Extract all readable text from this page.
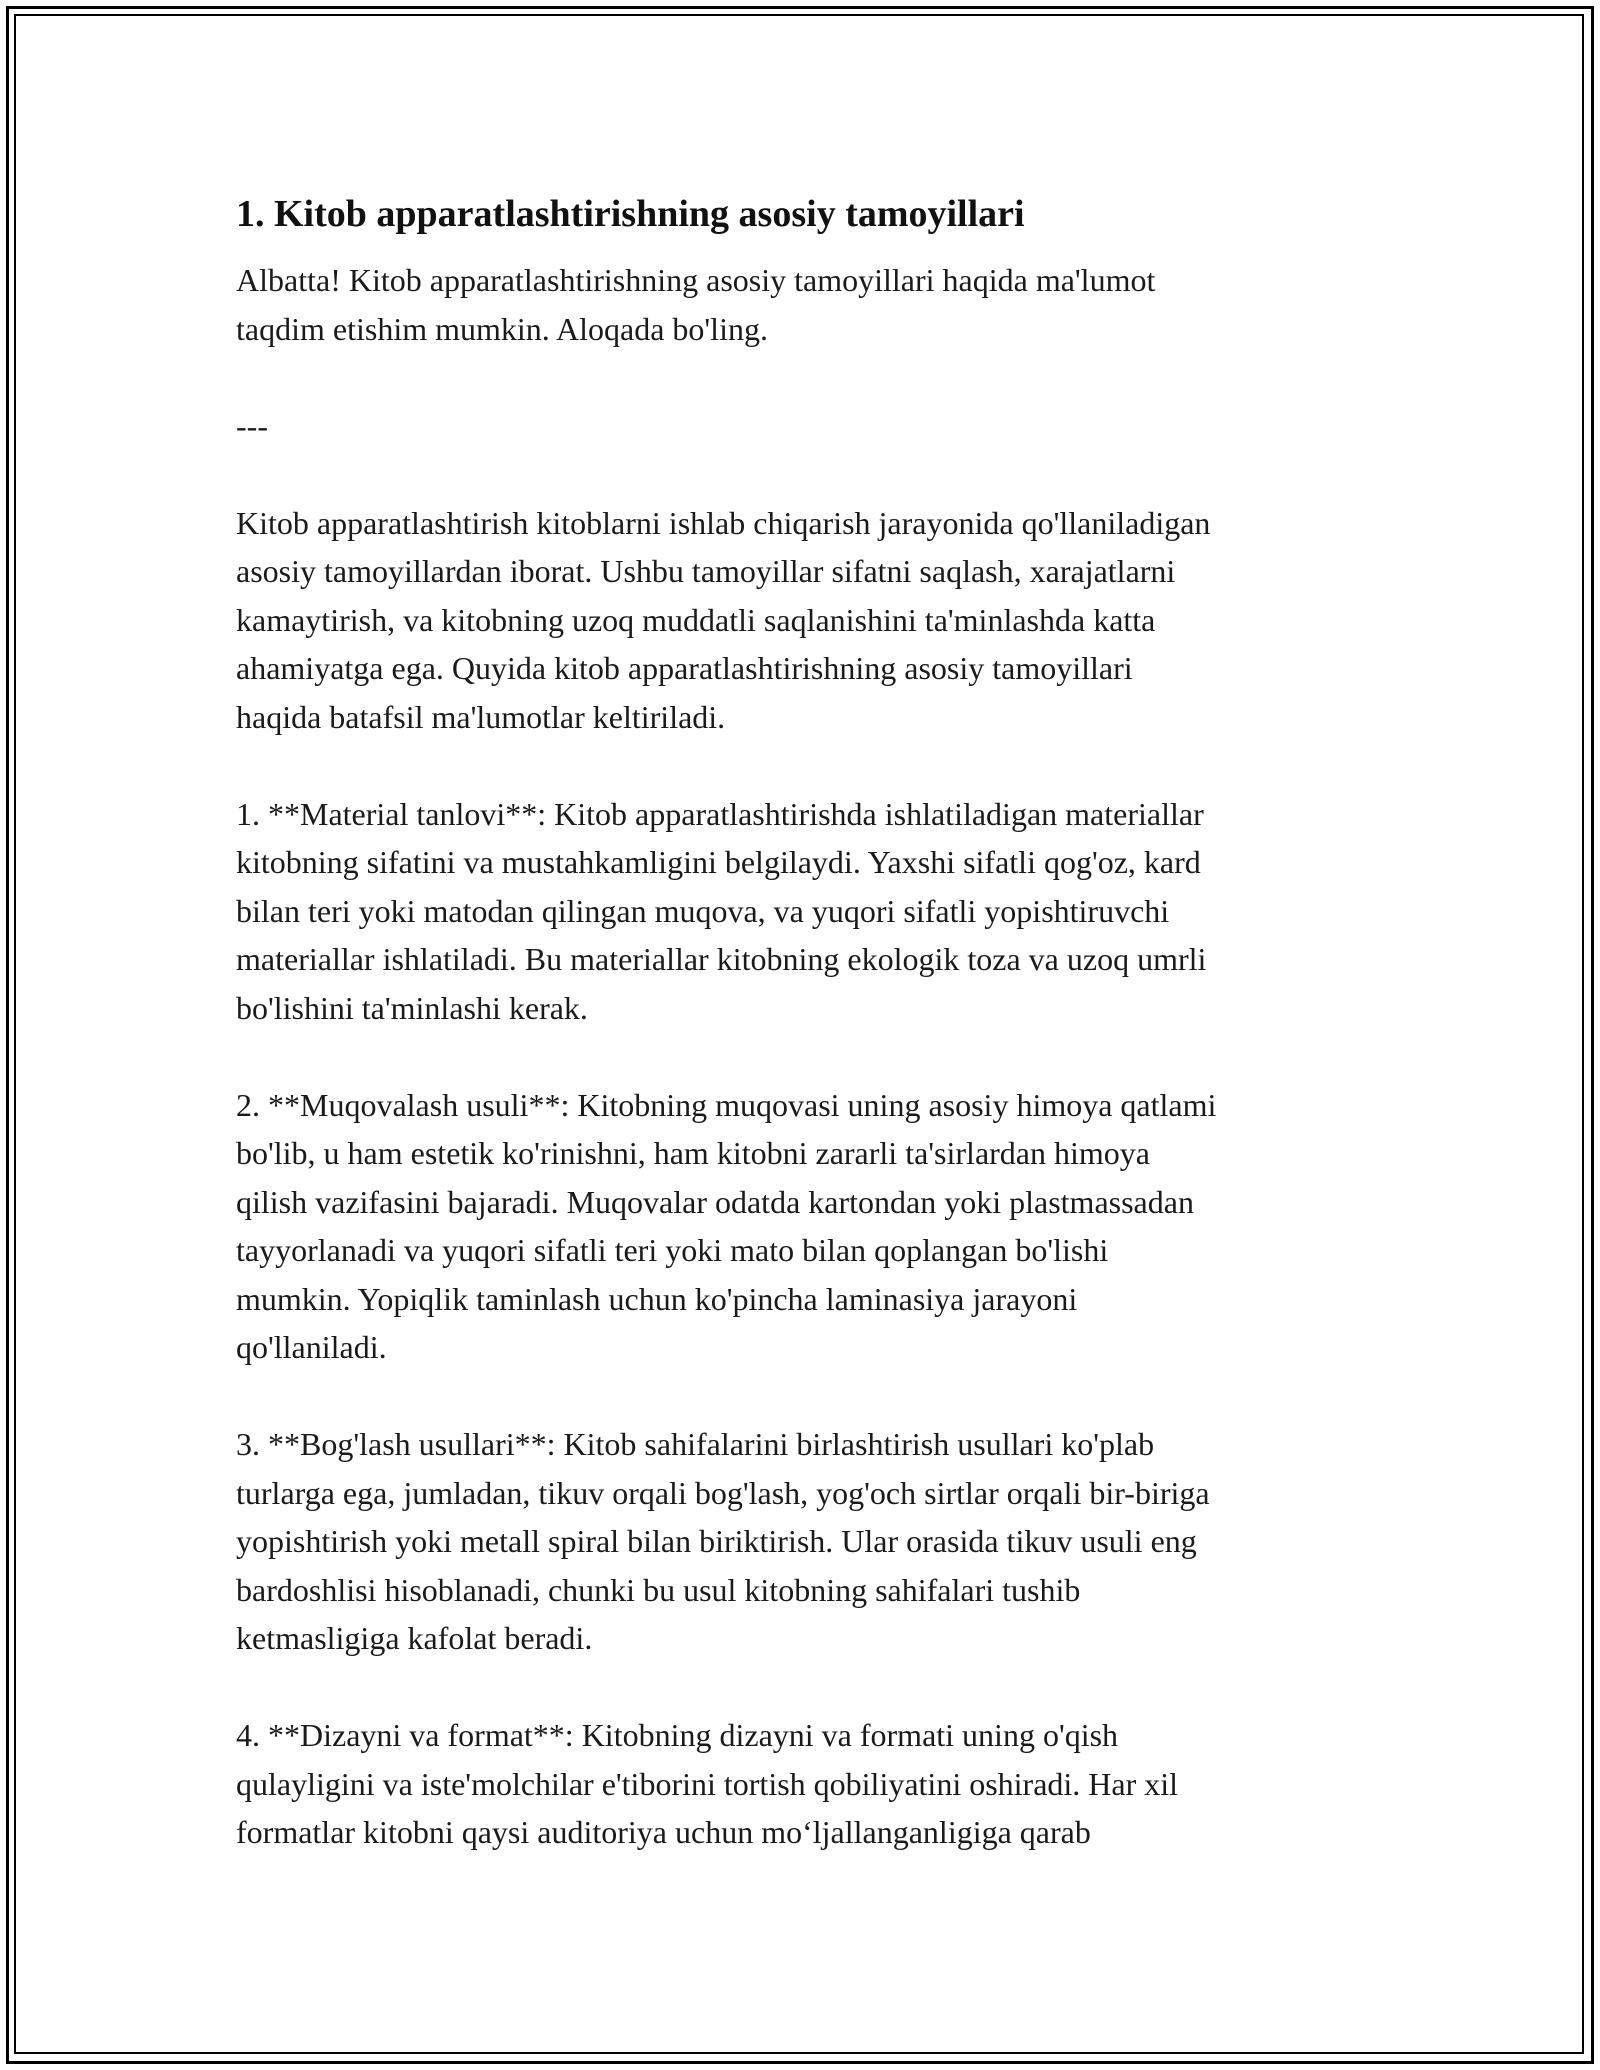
1. Kitob apparatlashtirishning asosiy tamoyillari

Albatta! Kitob apparatlashtirishning asosiy tamoyillari haqida ma'lumot
taqdim etishim mumkin. Aloqada bo'ling.

---

Kitob apparatlashtirish kitoblarni ishlab chiqarish jarayonida qo'llaniladigan
asosiy tamoyillardan iborat. Ushbu tamoyillar sifatni saqlash, xarajatlarni
kamaytirish, va kitobning uzoq muddatli saqlanishini ta'minlashda katta
ahamiyatga ega. Quyida kitob apparatlashtirishning asosiy tamoyillari
haqida batafsil ma'lumotlar keltiriladi.

1. **Material tanlovi**: Kitob apparatlashtirishda ishlatiladigan materiallar
kitobning sifatini va mustahkamligini belgilaydi. Yaxshi sifatli qog'oz, kard
bilan teri yoki matodan qilingan muqova, va yuqori sifatli yopishtiruvchi
materiallar ishlatiladi. Bu materiallar kitobning ekologik toza va uzoq umrli
bo'lishini ta'minlashi kerak.

2. **Muqovalash usuli**: Kitobning muqovasi uning asosiy himoya qatlami
bo'lib, u ham estetik ko'rinishni, ham kitobni zararli ta'sirlardan himoya
qilish vazifasini bajaradi. Muqovalar odatda kartondan yoki plastmassadan
tayyorlanadi va yuqori sifatli teri yoki mato bilan qoplangan bo'lishi
mumkin. Yopiqlik taminlash uchun ko'pincha laminasiya jarayoni
qo'llaniladi.

3. **Bog'lash usullari**: Kitob sahifalarini birlashtirish usullari ko'plab
turlarga ega, jumladan, tikuv orqali bog'lash, yog'och sirtlar orqali bir-biriga
yopishtirish yoki metall spiral bilan biriktirish. Ular orasida tikuv usuli eng
bardoshlisi hisoblanadi, chunki bu usul kitobning sahifalari tushib
ketmasligiga kafolat beradi.

4. **Dizayni va format**: Kitobning dizayni va formati uning o'qish
qulayligini va iste'molchilar e'tiborini tortish qobiliyatini oshiradi. Har xil
formatlar kitobni qaysi auditoriya uchun mo‘ljallanganligiga qarab
